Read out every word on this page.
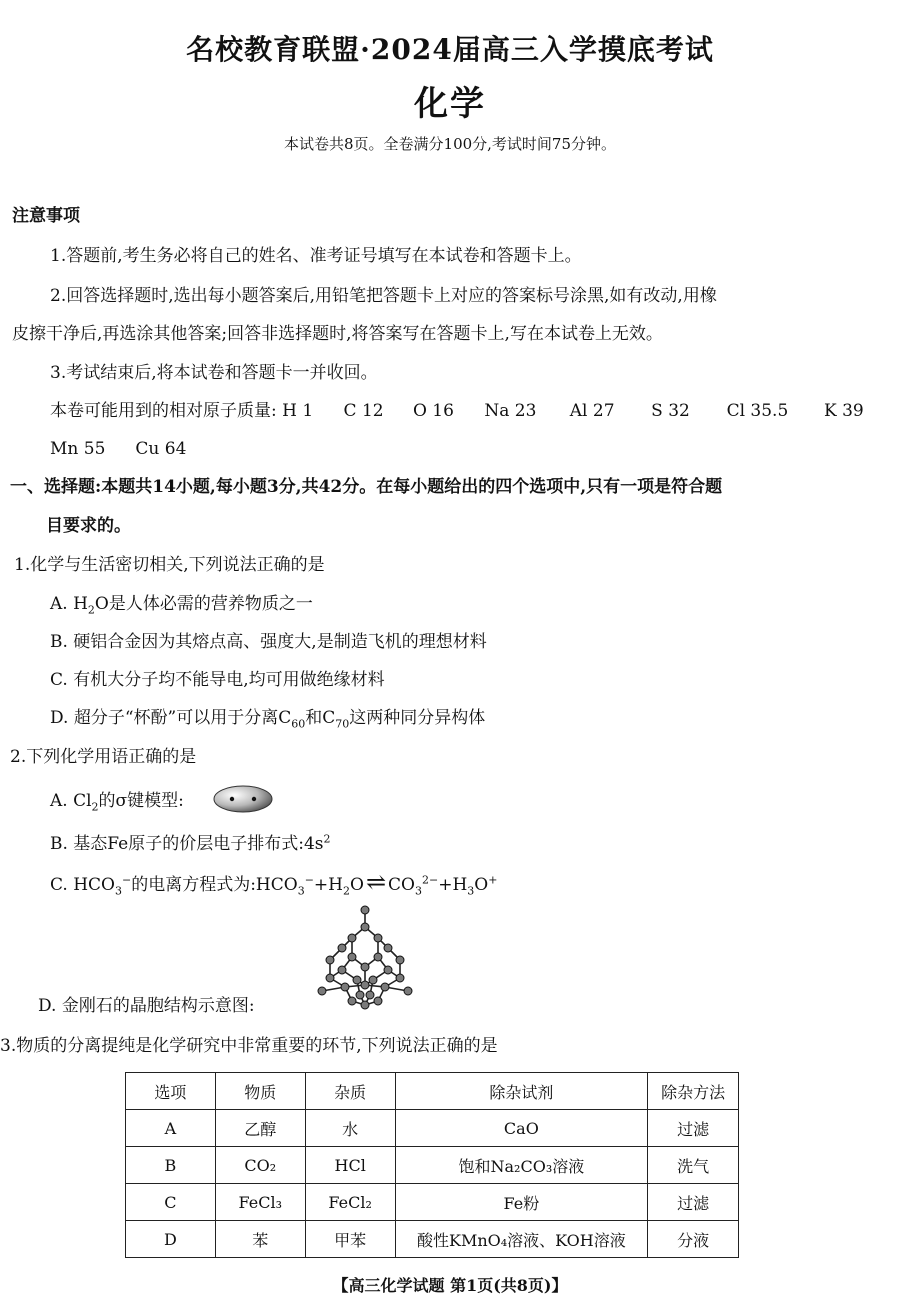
名校教育联盟·2024届高三入学摸底考试
化学
本试卷共8页。全卷满分100分,考试时间75分钟。
注意事项
1.答题前,考生务必将自己的姓名、准考证号填写在本试卷和答题卡上。
2.回答选择题时,选出每小题答案后,用铅笔把答题卡上对应的答案标号涂黑,如有改动,用橡
皮擦干净后,再选涂其他答案;回答非选择题时,将答案写在答题卡上,写在本试卷上无效。
3.考试结束后,将本试卷和答题卡一并收回。
本卷可能用到的相对原子质量: H 1 C 12 O 16 Na 23 Al 27 S 32 Cl 35.5 K 39
Mn 55 Cu 64
一、选择题:本题共14小题,每小题3分,共42分。在每小题给出的四个选项中,只有一项是符合题
目要求的。
1.化学与生活密切相关,下列说法正确的是
A. $H_2O$是人体必需的营养物质之一
B. 硬铝合金因为其熔点高、强度大,是制造飞机的理想材料
C. 有机大分子均不能导电,均可用做绝缘材料
D. 超分子“杯酚”可以用于分离$C_{60}$和$C_{70}$这两种同分异构体
2.下列化学用语正确的是
A. $Cl_2$的σ键模型:
B. 基态Fe原子的价层电子排布式$:4s^2$
C. $HCO_3^-$的电离方程式为$:HCO_3^-+H_2O\rightleftharpoons$ $CO_3^{2-}+H_3O^+$
D. 金刚石的晶胞结构示意图:
3.物质的分离提纯是化学研究中非常重要的环节,下列说法正确的是
选项	物质	杂质	除杂试剂	除杂方法
A	乙醇	水	CaO	过滤
B	CO₂	HCl	饱和Na₂CO₃溶液	洗气
C	FeCl₃	FeCl₂	Fe粉	过滤
D	苯	甲苯	酸性KMnO₄溶液、KOH溶液	分液
【高三化学试题 第1页(共8页)】
